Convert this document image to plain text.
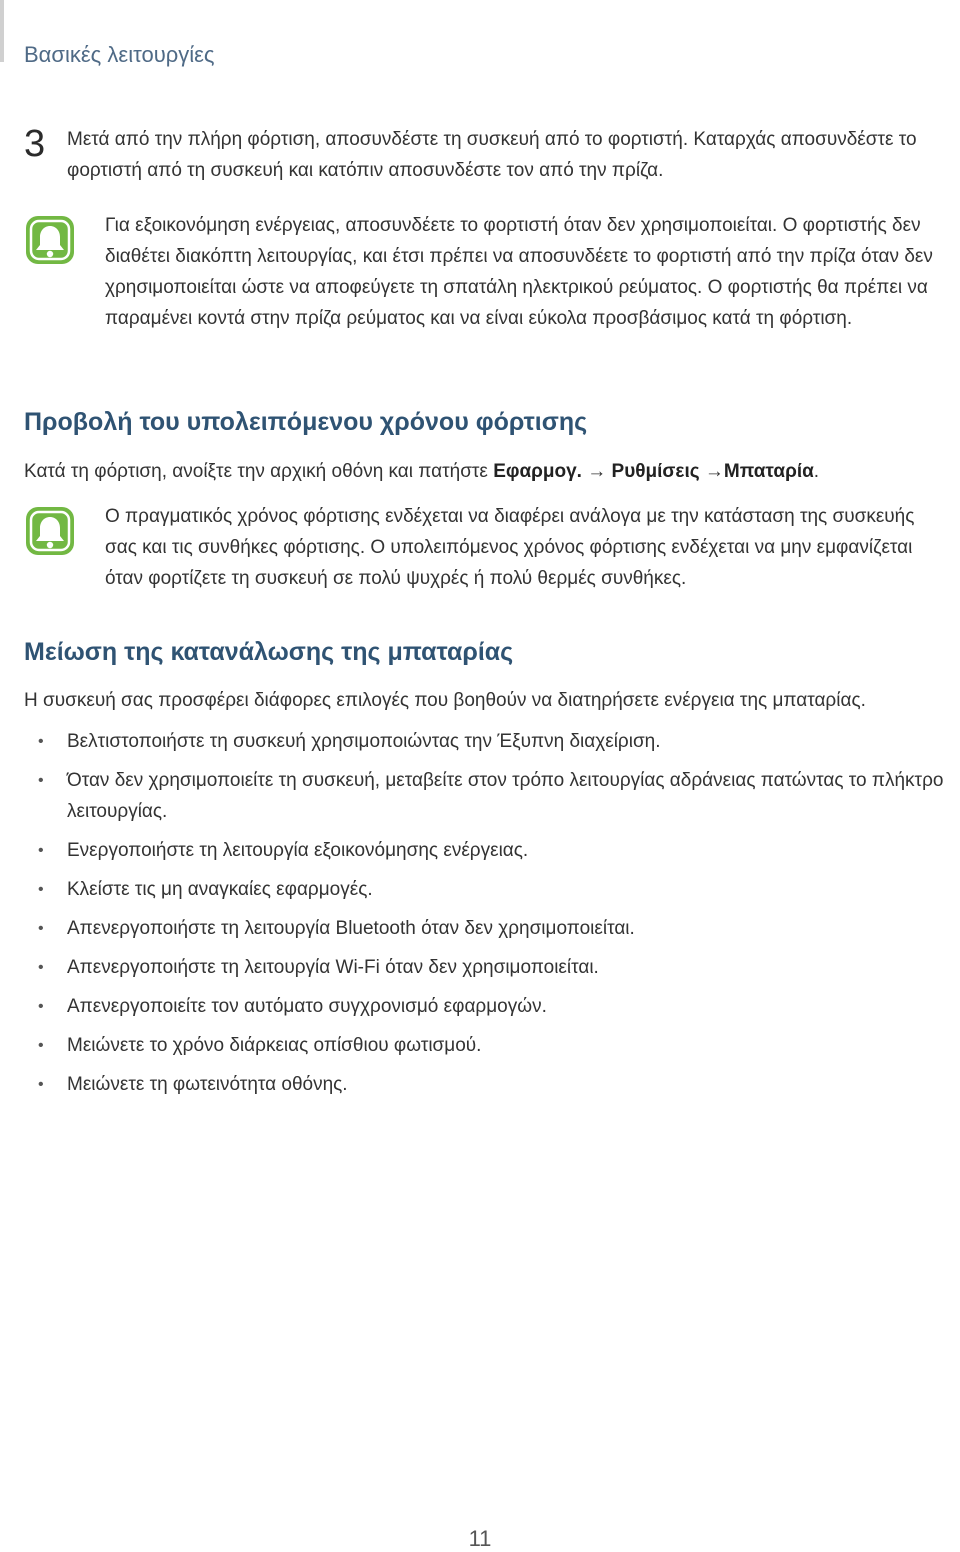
Βασικές λειτουργίες
3 Μετά από την πλήρη φόρτιση, αποσυνδέστε τη συσκευή από το φορτιστή. Καταρχάς αποσυνδέστε το φορτιστή από τη συσκευή και κατόπιν αποσυνδέστε τον από την πρίζα.
Για εξοικονόμηση ενέργειας, αποσυνδέετε το φορτιστή όταν δεν χρησιμοποιείται. Ο φορτιστής δεν διαθέτει διακόπτη λειτουργίας, και έτσι πρέπει να αποσυνδέετε το φορτιστή από την πρίζα όταν δεν χρησιμοποιείται ώστε να αποφεύγετε τη σπατάλη ηλεκτρικού ρεύματος. Ο φορτιστής θα πρέπει να παραμένει κοντά στην πρίζα ρεύματος και να είναι εύκολα προσβάσιμος κατά τη φόρτιση.
Προβολή του υπολειπόμενου χρόνου φόρτισης
Κατά τη φόρτιση, ανοίξτε την αρχική οθόνη και πατήστε Εφαρμογ. → Ρυθμίσεις →Μπαταρία.
Ο πραγματικός χρόνος φόρτισης ενδέχεται να διαφέρει ανάλογα με την κατάσταση της συσκευής σας και τις συνθήκες φόρτισης. Ο υπολειπόμενος χρόνος φόρτισης ενδέχεται να μην εμφανίζεται όταν φορτίζετε τη συσκευή σε πολύ ψυχρές ή πολύ θερμές συνθήκες.
Μείωση της κατανάλωσης της μπαταρίας
Η συσκευή σας προσφέρει διάφορες επιλογές που βοηθούν να διατηρήσετε ενέργεια της μπαταρίας.
• Βελτιστοποιήστε τη συσκευή χρησιμοποιώντας την Έξυπνη διαχείριση.
• Όταν δεν χρησιμοποιείτε τη συσκευή, μεταβείτε στον τρόπο λειτουργίας αδράνειας πατώντας το πλήκτρο λειτουργίας.
• Ενεργοποιήστε τη λειτουργία εξοικονόμησης ενέργειας.
• Κλείστε τις μη αναγκαίες εφαρμογές.
• Απενεργοποιήστε τη λειτουργία Bluetooth όταν δεν χρησιμοποιείται.
• Απενεργοποιήστε τη λειτουργία Wi-Fi όταν δεν χρησιμοποιείται.
• Απενεργοποιείτε τον αυτόματο συγχρονισμό εφαρμογών.
• Μειώνετε το χρόνο διάρκειας οπίσθιου φωτισμού.
• Μειώνετε τη φωτεινότητα οθόνης.
11
